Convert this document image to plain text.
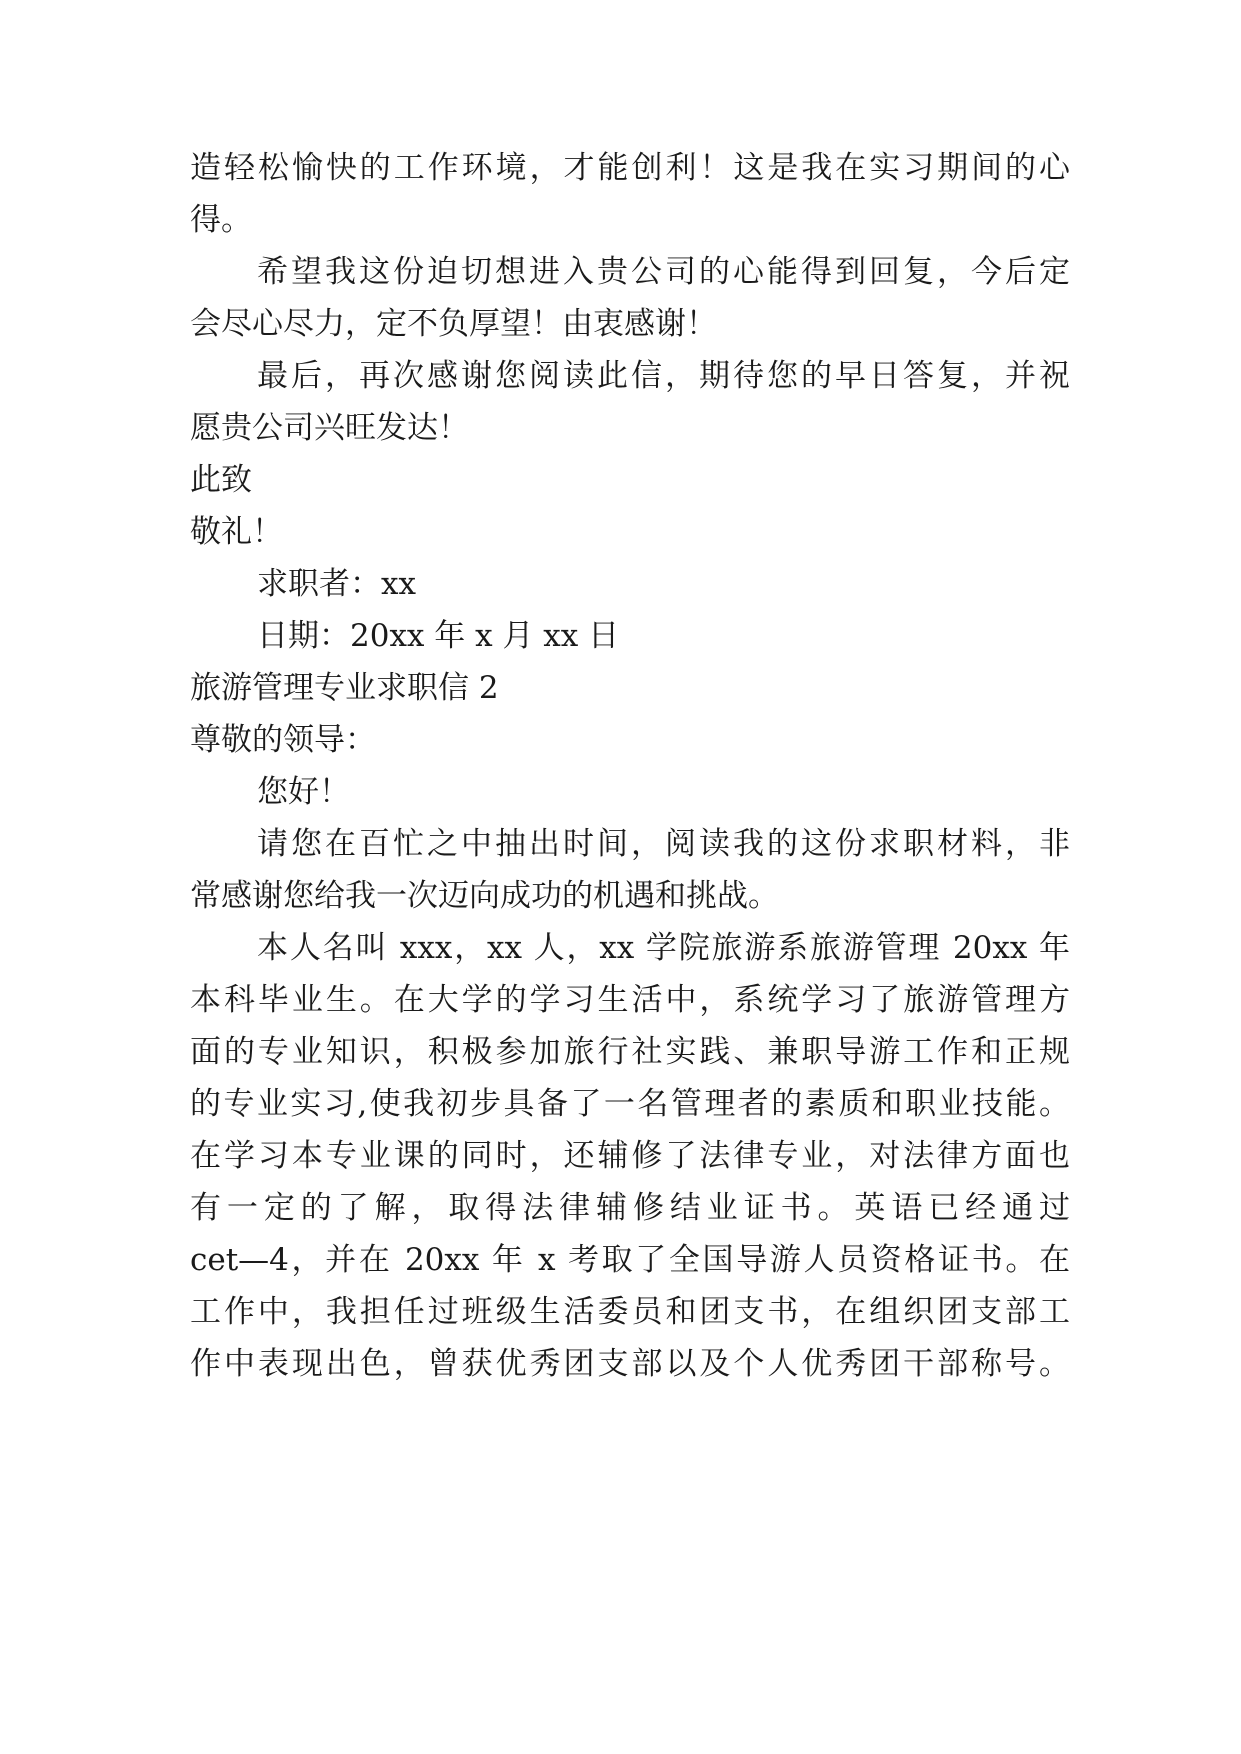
造轻松愉快的工作环境，才能创利！这是我在实习期间的心
得。
希望我这份迫切想进入贵公司的心能得到回复，今后定
会尽心尽力，定不负厚望！由衷感谢！
最后，再次感谢您阅读此信，期待您的早日答复，并祝
愿贵公司兴旺发达！
此致
敬礼！
求职者：xx
日期：20xx 年 x 月 xx 日
旅游管理专业求职信 2
尊敬的领导：
您好！
请您在百忙之中抽出时间，阅读我的这份求职材料，非
常感谢您给我一次迈向成功的机遇和挑战。
本人名叫 xxx，xx 人，xx 学院旅游系旅游管理 20xx 年
本科毕业生。在大学的学习生活中，系统学习了旅游管理方
面的专业知识，积极参加旅行社实践、兼职导游工作和正规
的专业实习,使我初步具备了一名管理者的素质和职业技能。
在学习本专业课的同时，还辅修了法律专业，对法律方面也
有一定的了解，取得法律辅修结业证书。英语已经通过
cet—4，并在 20xx 年 x 考取了全国导游人员资格证书。在
工作中，我担任过班级生活委员和团支书，在组织团支部工
作中表现出色，曾获优秀团支部以及个人优秀团干部称号。
